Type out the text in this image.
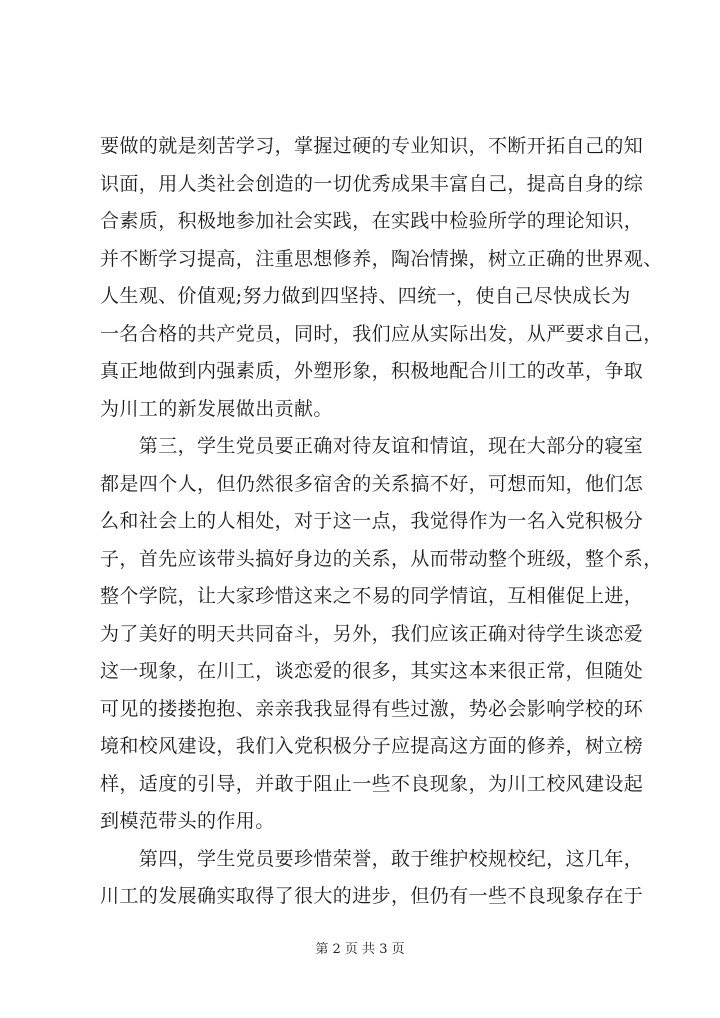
要做的就是刻苦学习，掌握过硬的专业知识，不断开拓自己的知
识面，用人类社会创造的一切优秀成果丰富自己，提高自身的综
合素质，积极地参加社会实践，在实践中检验所学的理论知识，
并不断学习提高，注重思想修养，陶冶情操，树立正确的世界观、
人生观、价值观;努力做到四坚持、四统一，使自己尽快成长为
一名合格的共产党员，同时，我们应从实际出发，从严要求自己，
真正地做到内强素质，外塑形象，积极地配合川工的改革，争取
为川工的新发展做出贡献。
　　第三，学生党员要正确对待友谊和情谊，现在大部分的寝室
都是四个人，但仍然很多宿舍的关系搞不好，可想而知，他们怎
么和社会上的人相处，对于这一点，我觉得作为一名入党积极分
子，首先应该带头搞好身边的关系，从而带动整个班级，整个系，
整个学院，让大家珍惜这来之不易的同学情谊，互相催促上进，
为了美好的明天共同奋斗，另外，我们应该正确对待学生谈恋爱
这一现象，在川工，谈恋爱的很多，其实这本来很正常，但随处
可见的搂搂抱抱、亲亲我我显得有些过激，势必会影响学校的环
境和校风建设，我们入党积极分子应提高这方面的修养，树立榜
样，适度的引导，并敢于阻止一些不良现象，为川工校风建设起
到模范带头的作用。
　　第四，学生党员要珍惜荣誉，敢于维护校规校纪，这几年，
川工的发展确实取得了很大的进步，但仍有一些不良现象存在于
第 2 页 共 3 页
